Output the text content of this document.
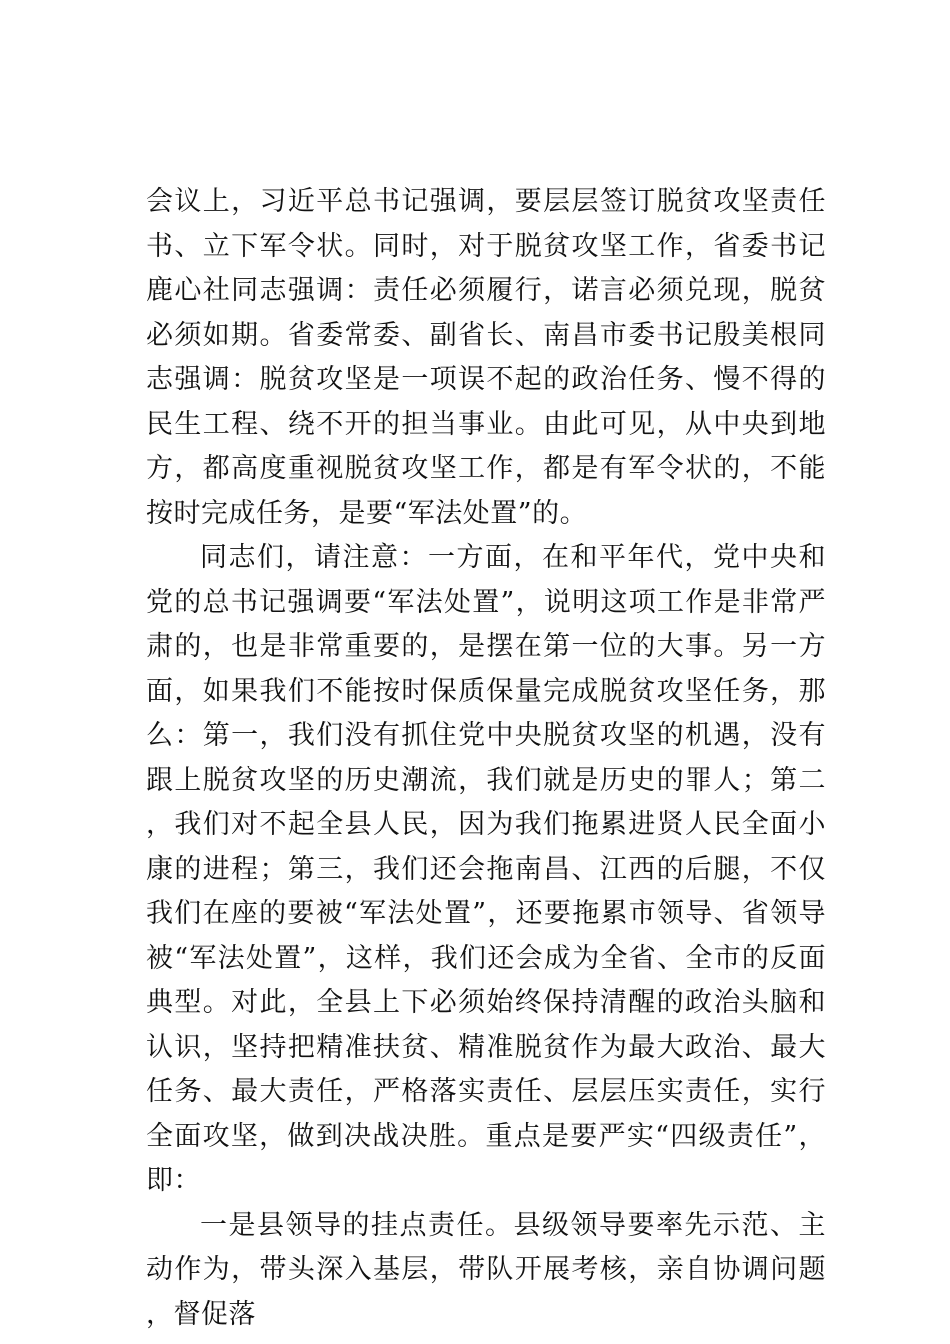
会议上，习近平总书记强调，要层层签订脱贫攻坚责任书、立下军令状。同时，对于脱贫攻坚工作，省委书记鹿心社同志强调：责任必须履行，诺言必须兑现，脱贫必须如期。省委常委、副省长、南昌市委书记殷美根同志强调：脱贫攻坚是一项误不起的政治任务、慢不得的民生工程、绕不开的担当事业。由此可见，从中央到地方，都高度重视脱贫攻坚工作，都是有军令状的，不能按时完成任务，是要“军法处置”的。

同志们，请注意：一方面，在和平年代，党中央和党的总书记强调要“军法处置”，说明这项工作是非常严肃的，也是非常重要的，是摆在第一位的大事。另一方面，如果我们不能按时保质保量完成脱贫攻坚任务，那么：第一，我们没有抓住党中央脱贫攻坚的机遇，没有跟上脱贫攻坚的历史潮流，我们就是历史的罪人；第二，我们对不起全县人民，因为我们拖累进贤人民全面小康的进程；第三，我们还会拖南昌、江西的后腿，不仅我们在座的要被“军法处置”，还要拖累市领导、省领导被“军法处置”，这样，我们还会成为全省、全市的反面典型。对此，全县上下必须始终保持清醒的政治头脑和认识，坚持把精准扶贫、精准脱贫作为最大政治、最大任务、最大责任，严格落实责任、层层压实责任，实行全面攻坚，做到决战决胜。重点是要严实“四级责任”，即：

一是县领导的挂点责任。县级领导要率先示范、主动作为，带头深入基层，带队开展考核，亲自协调问题，督促落
